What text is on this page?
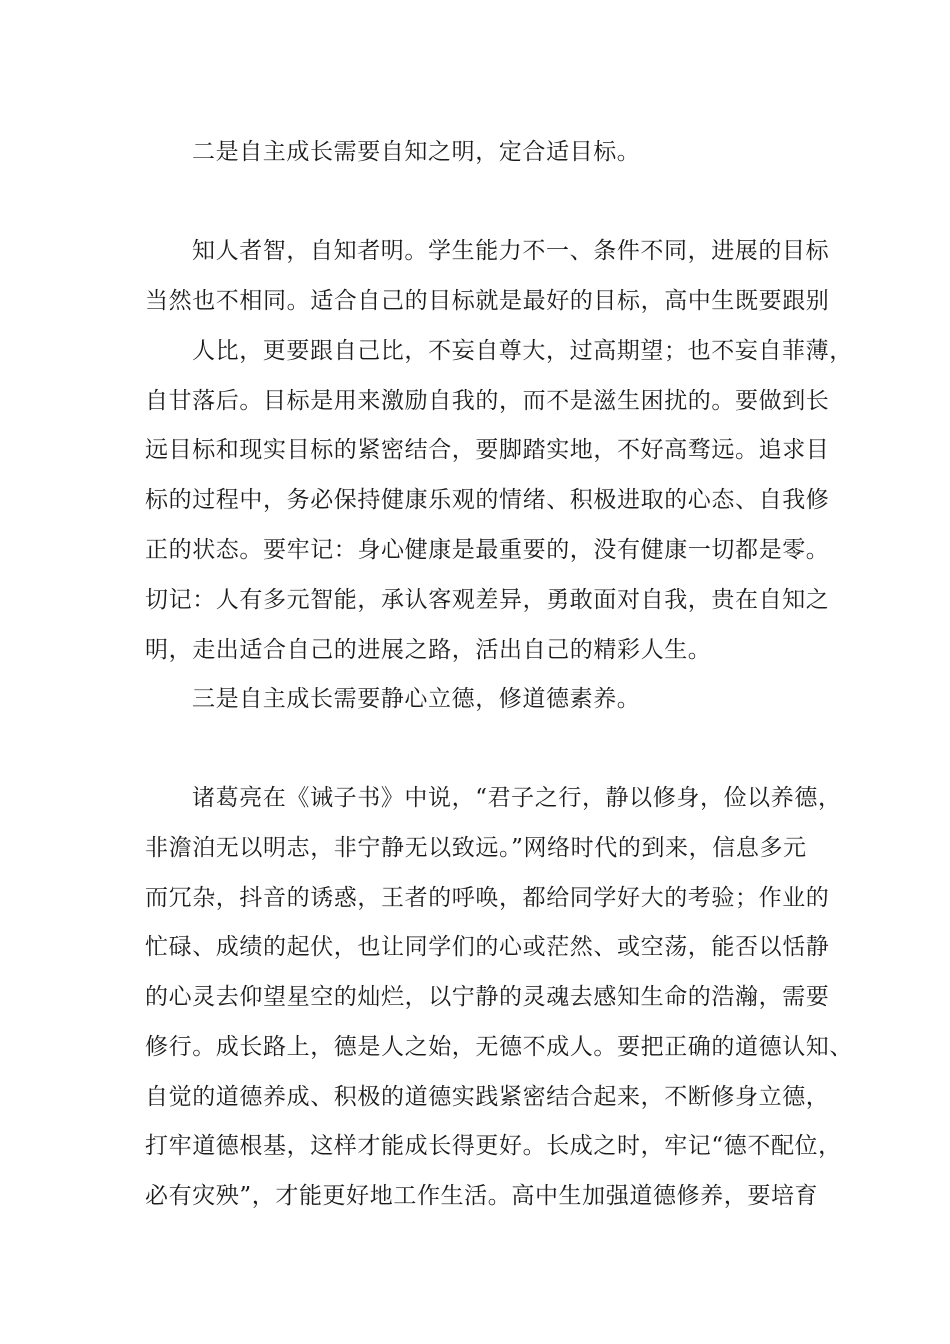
二是自主成长需要自知之明，定合适目标。
知人者智，自知者明。学生能力不一、条件不同，进展的目标
当然也不相同。适合自己的目标就是最好的目标，高中生既要跟别
人比，更要跟自己比，不妄自尊大，过高期望；也不妄自菲薄，
自甘落后。目标是用来激励自我的，而不是滋生困扰的。要做到长
远目标和现实目标的紧密结合，要脚踏实地，不好高骛远。追求目
标的过程中，务必保持健康乐观的情绪、积极进取的心态、自我修
正的状态。要牢记：身心健康是最重要的，没有健康一切都是零。
切记：人有多元智能，承认客观差异，勇敢面对自我，贵在自知之
明，走出适合自己的进展之路，活出自己的精彩人生。
三是自主成长需要静心立德，修道德素养。
诸葛亮在《诫子书》中说，“君子之行，静以修身，俭以养德，
非澹泊无以明志，非宁静无以致远。”网络时代的到来，信息多元
而冗杂，抖音的诱惑，王者的呼唤，都给同学好大的考验；作业的
忙碌、成绩的起伏，也让同学们的心或茫然、或空荡，能否以恬静
的心灵去仰望星空的灿烂，以宁静的灵魂去感知生命的浩瀚，需要
修行。成长路上，德是人之始，无德不成人。要把正确的道德认知、
自觉的道德养成、积极的道德实践紧密结合起来，不断修身立德，
打牢道德根基，这样才能成长得更好。长成之时，牢记“德不配位，
必有灾殃”，才能更好地工作生活。高中生加强道德修养，要培育
